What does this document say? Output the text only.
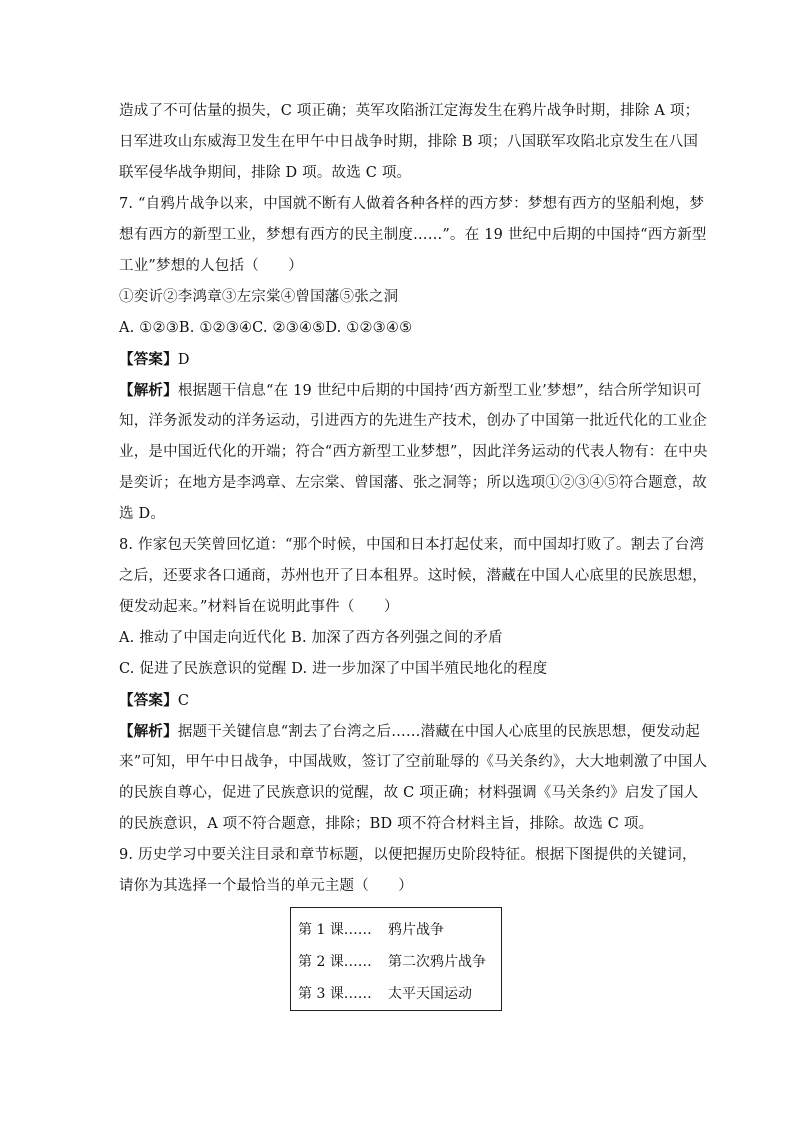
造成了不可估量的损失，C 项正确；英军攻陷浙江定海发生在鸦片战争时期，排除 A 项；
日军进攻山东威海卫发生在甲午中日战争时期，排除 B 项；八国联军攻陷北京发生在八国
联军侵华战争期间，排除 D 项。故选 C 项。
7. “自鸦片战争以来，中国就不断有人做着各种各样的西方梦：梦想有西方的坚船利炮，梦
想有西方的新型工业，梦想有西方的民主制度……”。在 19 世纪中后期的中国持“西方新型
工业”梦想的人包括（　　）
①奕䜣②李鸿章③左宗棠④曾国藩⑤张之洞
A. ①②③B. ①②③④C. ②③④⑤D. ①②③④⑤
【答案】D
【解析】根据题干信息“在 19 世纪中后期的中国持‘西方新型工业’梦想”，结合所学知识可
知，洋务派发动的洋务运动，引进西方的先进生产技术，创办了中国第一批近代化的工业企
业，是中国近代化的开端；符合“西方新型工业梦想”，因此洋务运动的代表人物有：在中央
是奕䜣；在地方是李鸿章、左宗棠、曾国藩、张之洞等；所以选项①②③④⑤符合题意，故
选 D。
8. 作家包天笑曾回忆道：“那个时候，中国和日本打起仗来，而中国却打败了。割去了台湾
之后，还要求各口通商，苏州也开了日本租界。这时候，潜藏在中国人心底里的民族思想，
便发动起来。”材料旨在说明此事件（　　）
A. 推动了中国走向近代化 B. 加深了西方各列强之间的矛盾
C. 促进了民族意识的觉醒 D. 进一步加深了中国半殖民地化的程度
【答案】C
【解析】据题干关键信息“割去了台湾之后……潜藏在中国人心底里的民族思想，便发动起
来”可知，甲午中日战争，中国战败，签订了空前耻辱的《马关条约》，大大地刺激了中国人
的民族自尊心，促进了民族意识的觉醒，故 C 项正确；材料强调《马关条约》启发了国人
的民族意识，A 项不符合题意，排除；BD 项不符合材料主旨，排除。故选 C 项。
9. 历史学习中要关注目录和章节标题，以便把握历史阶段特征。根据下图提供的关键词，
请你为其选择一个最恰当的单元主题（　　）
第 1 课…… 鸦片战争
第 2 课…… 第二次鸦片战争
第 3 课…… 太平天国运动
